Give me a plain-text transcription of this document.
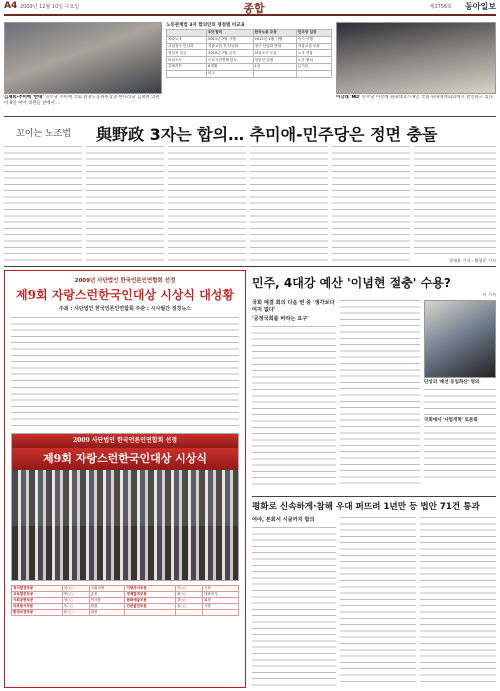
A4 2009년 12월 10일 수요일	종합	제2756호 동아일보
김재희·추미애 '반대' 민주당 추미애 국회 환경노동위원장과 한나라당 김재희 의원이 9일 여야 의원들 앞에서 …
노동관계법 3자 합의안의 쟁점별 비교표
	3자 합의	한국노총 주장	민주당 입장
복수노조	2011년 7월 시행	2011년 1월 시행	즉시 시행
교섭창구 단일화	자율교섭 후 단일화	창구 단일화 반대	자율교섭 보장
전임자 임금	2010년 7월 금지	타임오프 도입	노사 자율
타임오프	근로시간면제 한도	상한선 설정	노사 합의
유예기간	6개월	1년	무기한
	비고		
이강래 'NO' 민주당 이강래 원내대표가 9일 국회 원내대책회의에서 발언하고 있다.
꼬이는 노조법 與野政 3자는 합의… 추미애-민주당은 정면 충돌
정재윤 기자 · 황형준 기자
2009년 사단법인 한국언론인연합회 선정
제9회 자랑스런한국인대상 시상식 대성황
주최 : 사단법인 한국언론인연합회 주관 : 시사월간 정경뉴스
2009 사단법인 한국언론인연합회 선정
제9회 자랑스런한국인대상 시상식
정치발전부문	김○○	국회의원	지방자치부문	이○○	시장
교육발전부문	박○○	총장	경제발전부문	최○○	대표이사
사회공헌부문	정○○	이사장	문화예술부문	강○○	회장
의료봉사부문	조○○	원장	언론발전부문	윤○○	사장
환경보전부문	장○○	회장			
민주, 4대강 예산 '이념현 절충' 수용?
이 기자
국회 예결 회의 다음 번 중 '생각보다 여지 없다'
'공정국회를 바라는 요구'
단상의 '패션 동일화산' 명의
국회에서 '사법개혁' 토론회
평화로 신속하게·참해 우대 퍼뜨려 1년만 등 법안 71건 통과
여야, 본회서 시골까지 합의
